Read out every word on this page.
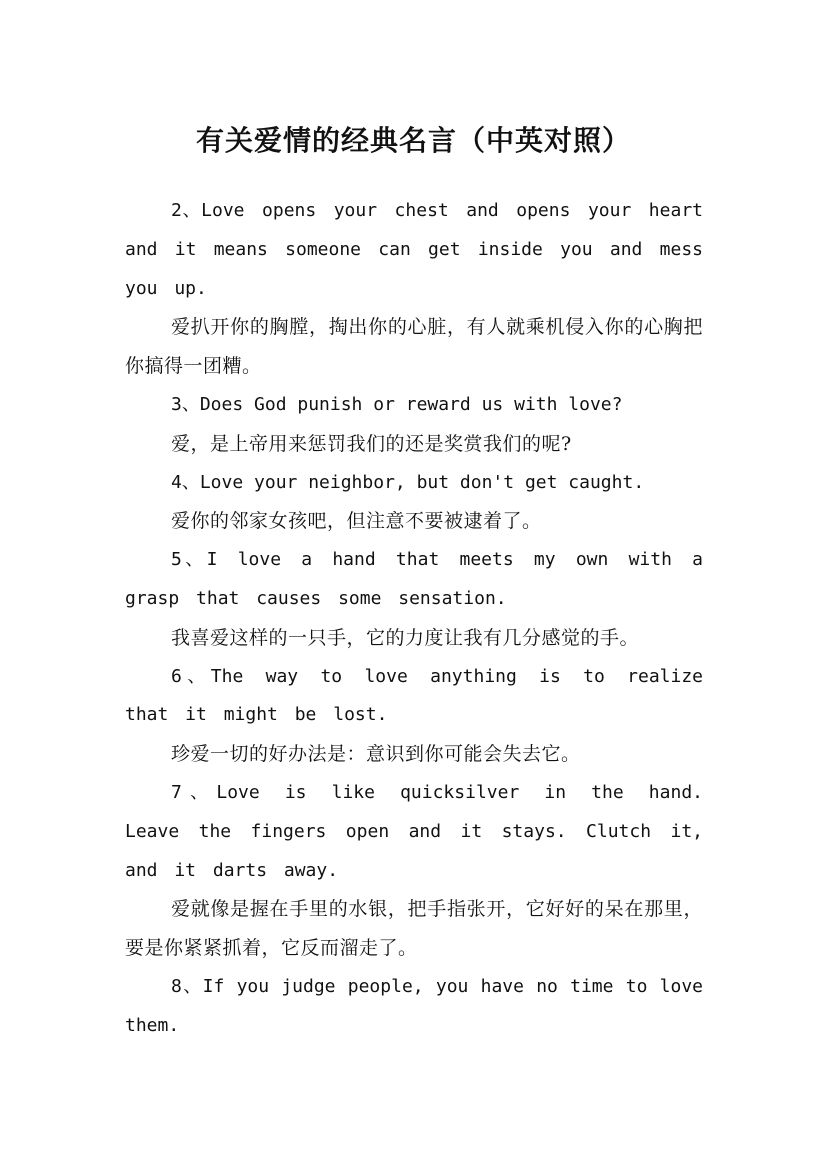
有关爱情的经典名言（中英对照）

2、Love opens your chest and opens your heart and it means someone can get inside you and mess you up.

爱扒开你的胸膛，掏出你的心脏，有人就乘机侵入你的心胸把你搞得一团糟。

3、Does God punish or reward us with love?

爱，是上帝用来惩罚我们的还是奖赏我们的呢?

4、Love your neighbor, but don't get caught.

爱你的邻家女孩吧，但注意不要被逮着了。

5、I love a hand that meets my own with a grasp that causes some sensation.

我喜爱这样的一只手，它的力度让我有几分感觉的手。

6、The way to love anything is to realize that it might be lost.

珍爱一切的好办法是：意识到你可能会失去它。

7、Love is like quicksilver in the hand. Leave the fingers open and it stays. Clutch it, and it darts away.

爱就像是握在手里的水银，把手指张开，它好好的呆在那里，要是你紧紧抓着，它反而溜走了。

8、If you judge people, you have no time to love them.
